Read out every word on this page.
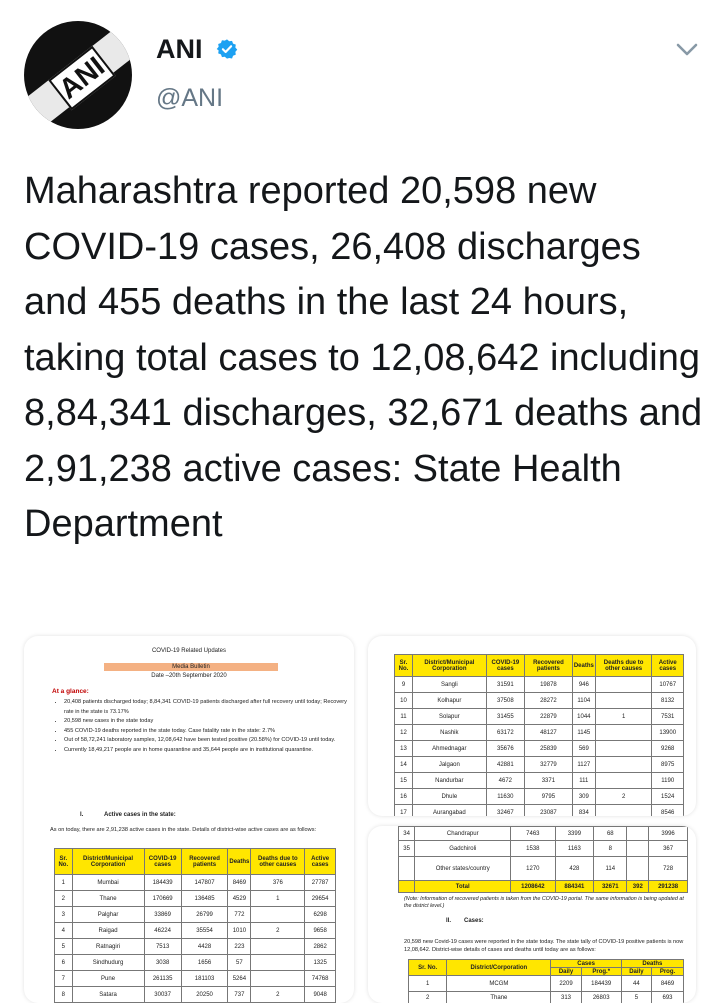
ANI
ANI
@ANI
Maharashtra reported 20,598 new COVID-19 cases, 26,408 discharges and 455 deaths in the last 24 hours, taking total cases to 12,08,642 including 8,84,341 discharges, 32,671 deaths and 2,91,238 active cases: State Health Department
COVID-19 Related Updates
Media Bulletin
Date –20th September 2020
At a glance:
• 20,408 patients discharged today; 8,84,341 COVID-19 patients discharged after full recovery until today; Recovery rate in the state is 73.17%
• 20,598 new cases in the state today
• 455 COVID-19 deaths reported in the state today. Case fatality rate in the state: 2.7%
• Out of 58,72,241 laboratory samples, 12,08,642 have been tested positive (20.58%) for COVID-19 until today.
• Currently 18,49,217 people are in home quarantine and 35,644 people are in institutional quarantine.
I.	Active cases in the state:
As on today, there are 2,91,238 active cases in the state. Details of district-wise active cases are as follows:
Sr. No.	District/Municipal Corporation	COVID-19 cases	Recovered patients	Deaths	Deaths due to other causes	Active cases
1	Mumbai	184439	147807	8469	376	27787
2	Thane	170669	136485	4529	1	29654
3	Palghar	33869	26799	772		6298
4	Raigad	46224	35554	1010	2	9658
5	Ratnagiri	7513	4428	223		2862
6	Sindhudurg	3038	1656	57		1325
7	Pune	261135	181103	5264		74768
8	Satara	30037	20250	737	2	9048
Sr. No.	District/Municipal Corporation	COVID-19 cases	Recovered patients	Deaths	Deaths due to other causes	Active cases
9	Sangli	31591	19878	946		10767
10	Kolhapur	37508	28272	1104		8132
11	Solapur	31455	22879	1044	1	7531
12	Nashik	63172	48127	1145		13900
13	Ahmednagar	35676	25839	569		9268
14	Jalgaon	42881	32779	1127		8975
15	Nandurbar	4672	3371	111		1190
16	Dhule	11630	9795	309	2	1524
17	Aurangabad	32467	23087	834		8546
34	Chandrapur	7463	3399	68		3996
35	Gadchiroli	1538	1163	8		367
	Other states/country	1270	428	114		728
	Total	1208642	884341	32671	392	291238
(Note: Information of recovered patients is taken from the COVID-19 portal. The same information is being updated at the district level.)
II. Cases:
20,598 new Covid-19 cases were reported in the state today. The state tally of COVID-19 positive patients is now 12,08,642. District-wise details of cases and deaths until today are as follows:
Sr. No.	District/Corporation	Cases		Deaths	
		Daily	Prog.*	Daily	Prog.
1	MCGM	2209	184439	44	8469
2	Thane	313	26803	5	693
